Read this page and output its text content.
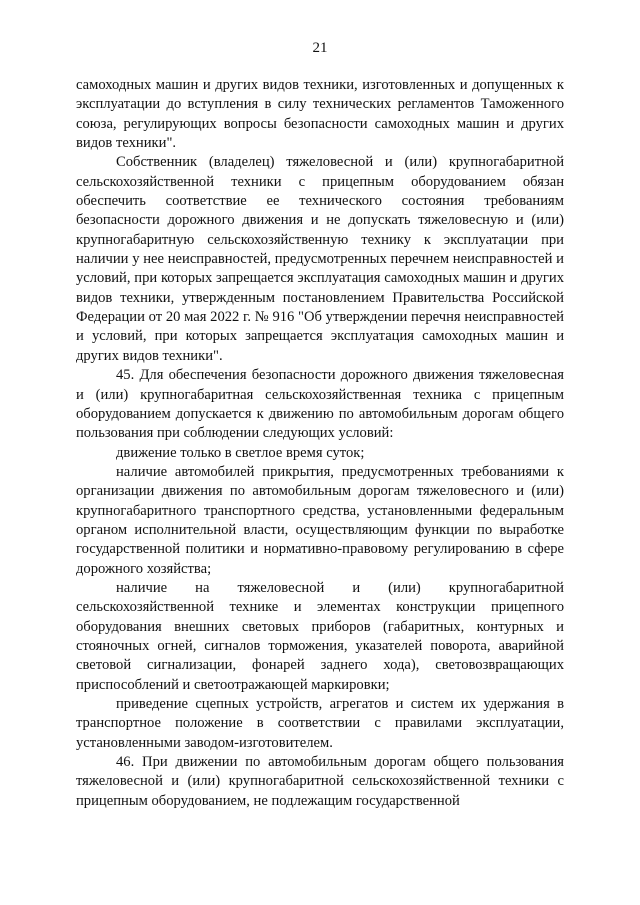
21

самоходных машин и других видов техники, изготовленных и допущенных к эксплуатации до вступления в силу технических регламентов Таможенного союза, регулирующих вопросы безопасности самоходных машин и других видов техники".

Собственник (владелец) тяжеловесной и (или) крупногабаритной сельскохозяйственной техники с прицепным оборудованием обязан обеспечить соответствие ее технического состояния требованиям безопасности дорожного движения и не допускать тяжеловесную и (или) крупногабаритную сельскохозяйственную технику к эксплуатации при наличии у нее неисправностей, предусмотренных перечнем неисправностей и условий, при которых запрещается эксплуатация самоходных машин и других видов техники, утвержденным постановлением Правительства Российской Федерации от 20 мая 2022 г. № 916 "Об утверждении перечня неисправностей и условий, при которых запрещается эксплуатация самоходных машин и других видов техники".

45. Для обеспечения безопасности дорожного движения тяжеловесная и (или) крупногабаритная сельскохозяйственная техника с прицепным оборудованием допускается к движению по автомобильным дорогам общего пользования при соблюдении следующих условий:

движение только в светлое время суток;

наличие автомобилей прикрытия, предусмотренных требованиями к организации движения по автомобильным дорогам тяжеловесного и (или) крупногабаритного транспортного средства, установленными федеральным органом исполнительной власти, осуществляющим функции по выработке государственной политики и нормативно-правовому регулированию в сфере дорожного хозяйства;

наличие на тяжеловесной и (или) крупногабаритной сельскохозяйственной технике и элементах конструкции прицепного оборудования внешних световых приборов (габаритных, контурных и стояночных огней, сигналов торможения, указателей поворота, аварийной световой сигнализации, фонарей заднего хода), световозвращающих приспособлений и светоотражающей маркировки;

приведение сцепных устройств, агрегатов и систем их удержания в транспортное положение в соответствии с правилами эксплуатации, установленными заводом-изготовителем.

46. При движении по автомобильным дорогам общего пользования тяжеловесной и (или) крупногабаритной сельскохозяйственной техники с прицепным оборудованием, не подлежащим государственной
